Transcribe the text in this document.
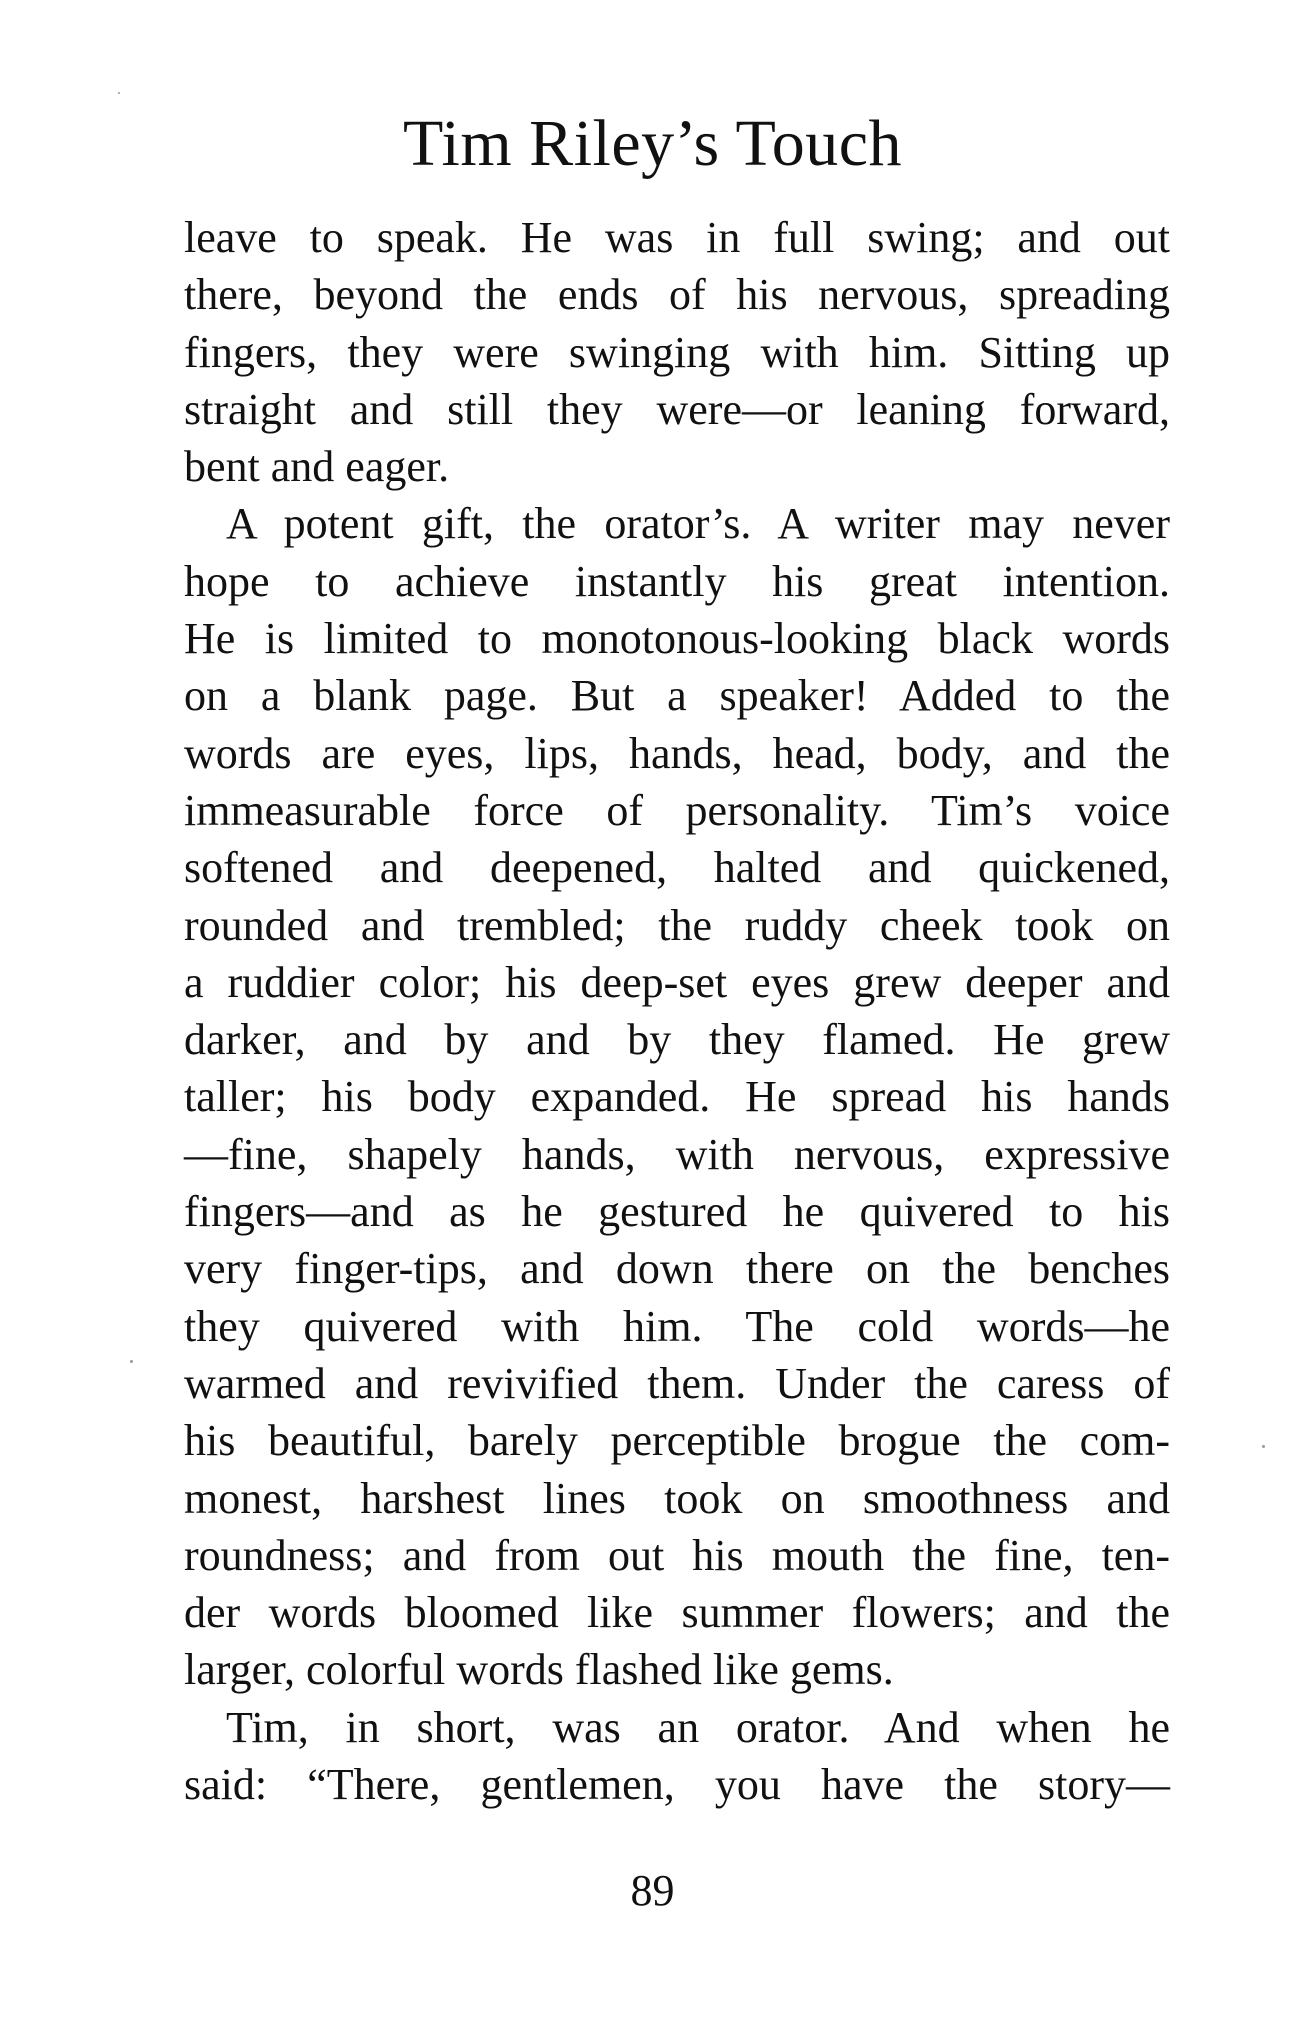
Tim Riley’s Touch
leave to speak. He was in full swing; and out
there, beyond the ends of his nervous, spreading
fingers, they were swinging with him. Sitting up
straight and still they were—or leaning forward,
bent and eager.
A potent gift, the orator’s. A writer may never
hope to achieve instantly his great intention.
He is limited to monotonous-looking black words
on a blank page. But a speaker! Added to the
words are eyes, lips, hands, head, body, and the
immeasurable force of personality. Tim’s voice
softened and deepened, halted and quickened,
rounded and trembled; the ruddy cheek took on
a ruddier color; his deep-set eyes grew deeper and
darker, and by and by they flamed. He grew
taller; his body expanded. He spread his hands
—fine, shapely hands, with nervous, expressive
fingers—and as he gestured he quivered to his
very finger-tips, and down there on the benches
they quivered with him. The cold words—he
warmed and revivified them. Under the caress of
his beautiful, barely perceptible brogue the com-
monest, harshest lines took on smoothness and
roundness; and from out his mouth the fine, ten-
der words bloomed like summer flowers; and the
larger, colorful words flashed like gems.
Tim, in short, was an orator. And when he
said: “There, gentlemen, you have the story—
89
